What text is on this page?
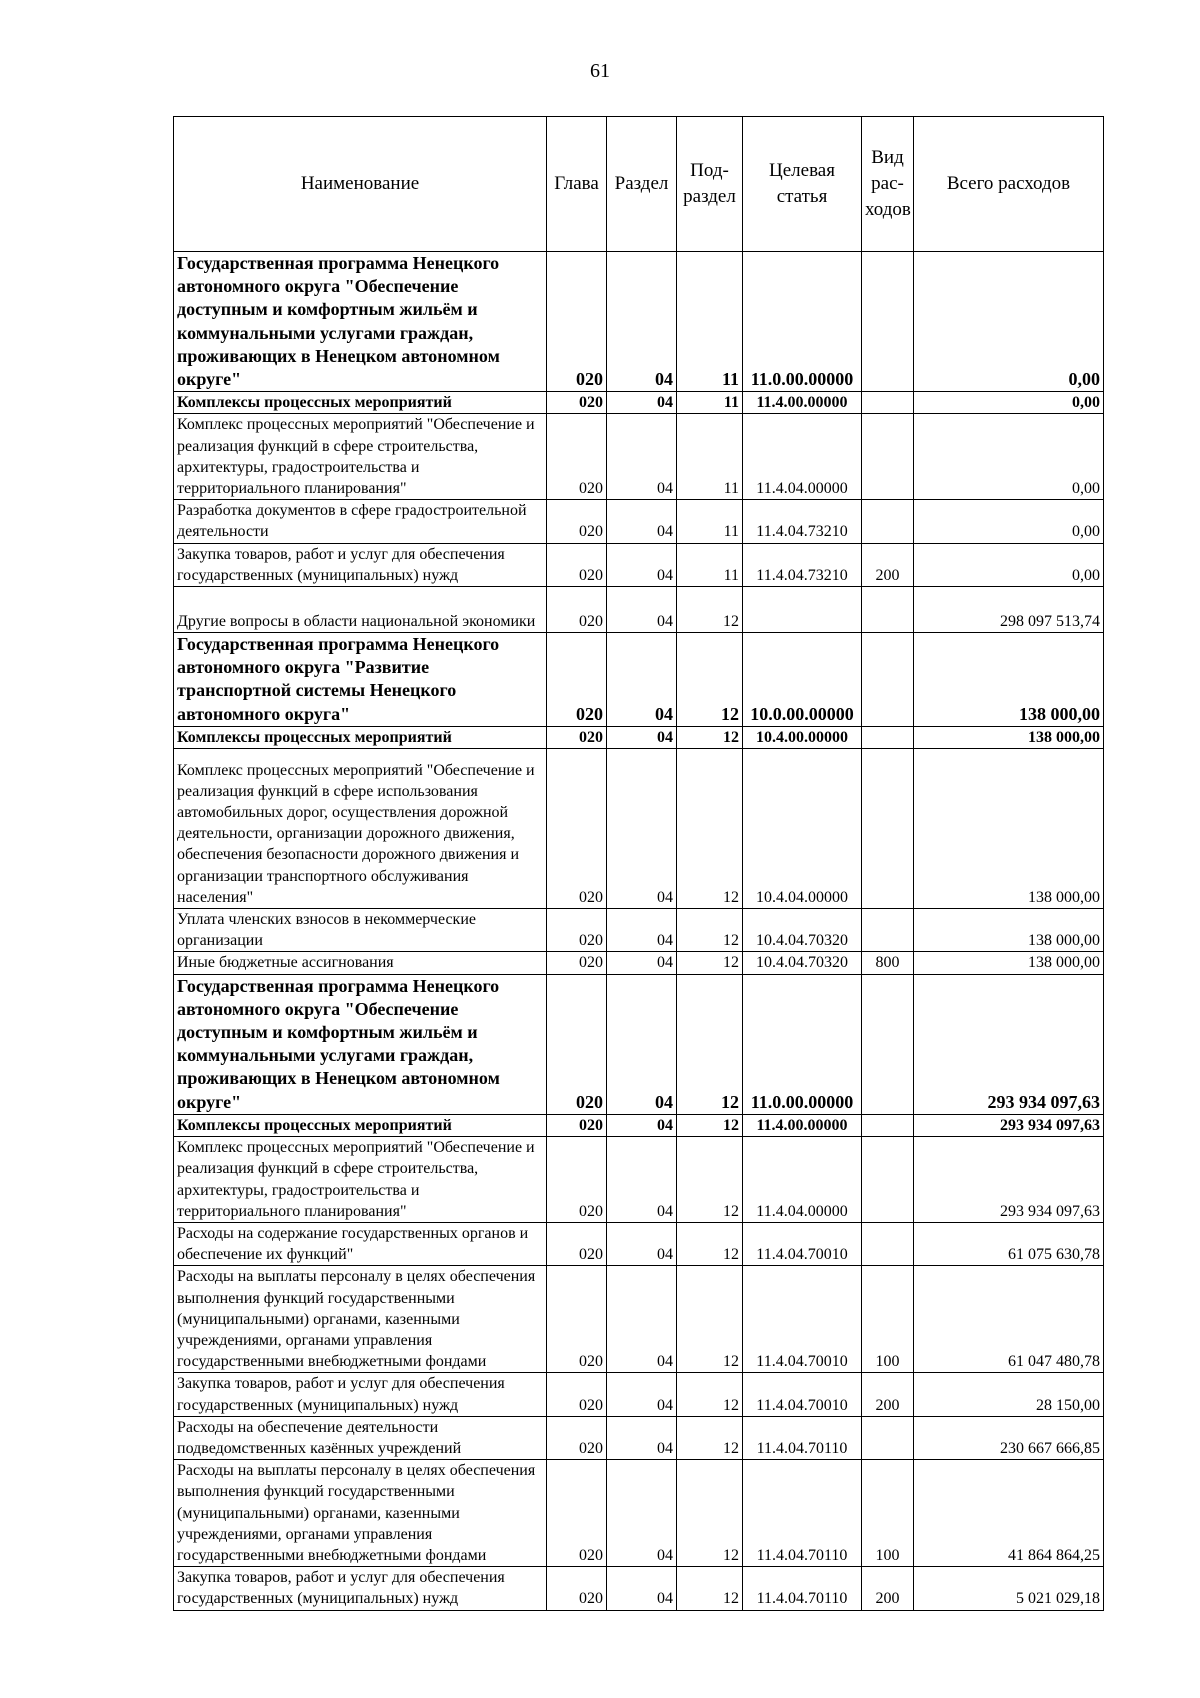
61
Наименование	Глава	Раздел	Под-раздел	Целевая статья	Вид рас-ходов	Всего расходов
Государственная программа Ненецкого автономного округа "Обеспечение доступным и комфортным жильём и коммунальными услугами граждан, проживающих в Ненецком автономном округе"	020	04	11	11.0.00.00000		0,00
Комплексы процессных мероприятий	020	04	11	11.4.00.00000		0,00
Комплекс процессных мероприятий "Обеспечение и реализация функций в сфере строительства, архитектуры, градостроительства и территориального планирования"	020	04	11	11.4.04.00000		0,00
Разработка документов в сфере градостроительной деятельности	020	04	11	11.4.04.73210		0,00
Закупка товаров, работ и услуг для обеспечения государственных (муниципальных) нужд	020	04	11	11.4.04.73210	200	0,00
Другие вопросы в области национальной экономики	020	04	12			298 097 513,74
Государственная программа Ненецкого автономного округа "Развитие транспортной системы Ненецкого автономного округа"	020	04	12	10.0.00.00000		138 000,00
Комплексы процессных мероприятий	020	04	12	10.4.00.00000		138 000,00
Комплекс процессных мероприятий "Обеспечение и реализация функций в сфере использования автомобильных дорог, осуществления дорожной деятельности, организации дорожного движения, обеспечения безопасности дорожного движения и организации транспортного обслуживания населения"	020	04	12	10.4.04.00000		138 000,00
Уплата членских взносов в некоммерческие организации	020	04	12	10.4.04.70320		138 000,00
Иные бюджетные ассигнования	020	04	12	10.4.04.70320	800	138 000,00
Государственная программа Ненецкого автономного округа "Обеспечение доступным и комфортным жильём и коммунальными услугами граждан, проживающих в Ненецком автономном округе"	020	04	12	11.0.00.00000		293 934 097,63
Комплексы процессных мероприятий	020	04	12	11.4.00.00000		293 934 097,63
Комплекс процессных мероприятий "Обеспечение и реализация функций в сфере строительства, архитектуры, градостроительства и территориального планирования"	020	04	12	11.4.04.00000		293 934 097,63
Расходы на содержание государственных органов и обеспечение их функций"	020	04	12	11.4.04.70010		61 075 630,78
Расходы на выплаты персоналу в целях обеспечения выполнения функций государственными (муниципальными) органами, казенными учреждениями, органами управления государственными внебюджетными фондами	020	04	12	11.4.04.70010	100	61 047 480,78
Закупка товаров, работ и услуг для обеспечения государственных (муниципальных) нужд	020	04	12	11.4.04.70010	200	28 150,00
Расходы на обеспечение деятельности подведомственных казённых учреждений	020	04	12	11.4.04.70110		230 667 666,85
Расходы на выплаты персоналу в целях обеспечения выполнения функций государственными (муниципальными) органами, казенными учреждениями, органами управления государственными внебюджетными фондами	020	04	12	11.4.04.70110	100	41 864 864,25
Закупка товаров, работ и услуг для обеспечения государственных (муниципальных) нужд	020	04	12	11.4.04.70110	200	5 021 029,18
